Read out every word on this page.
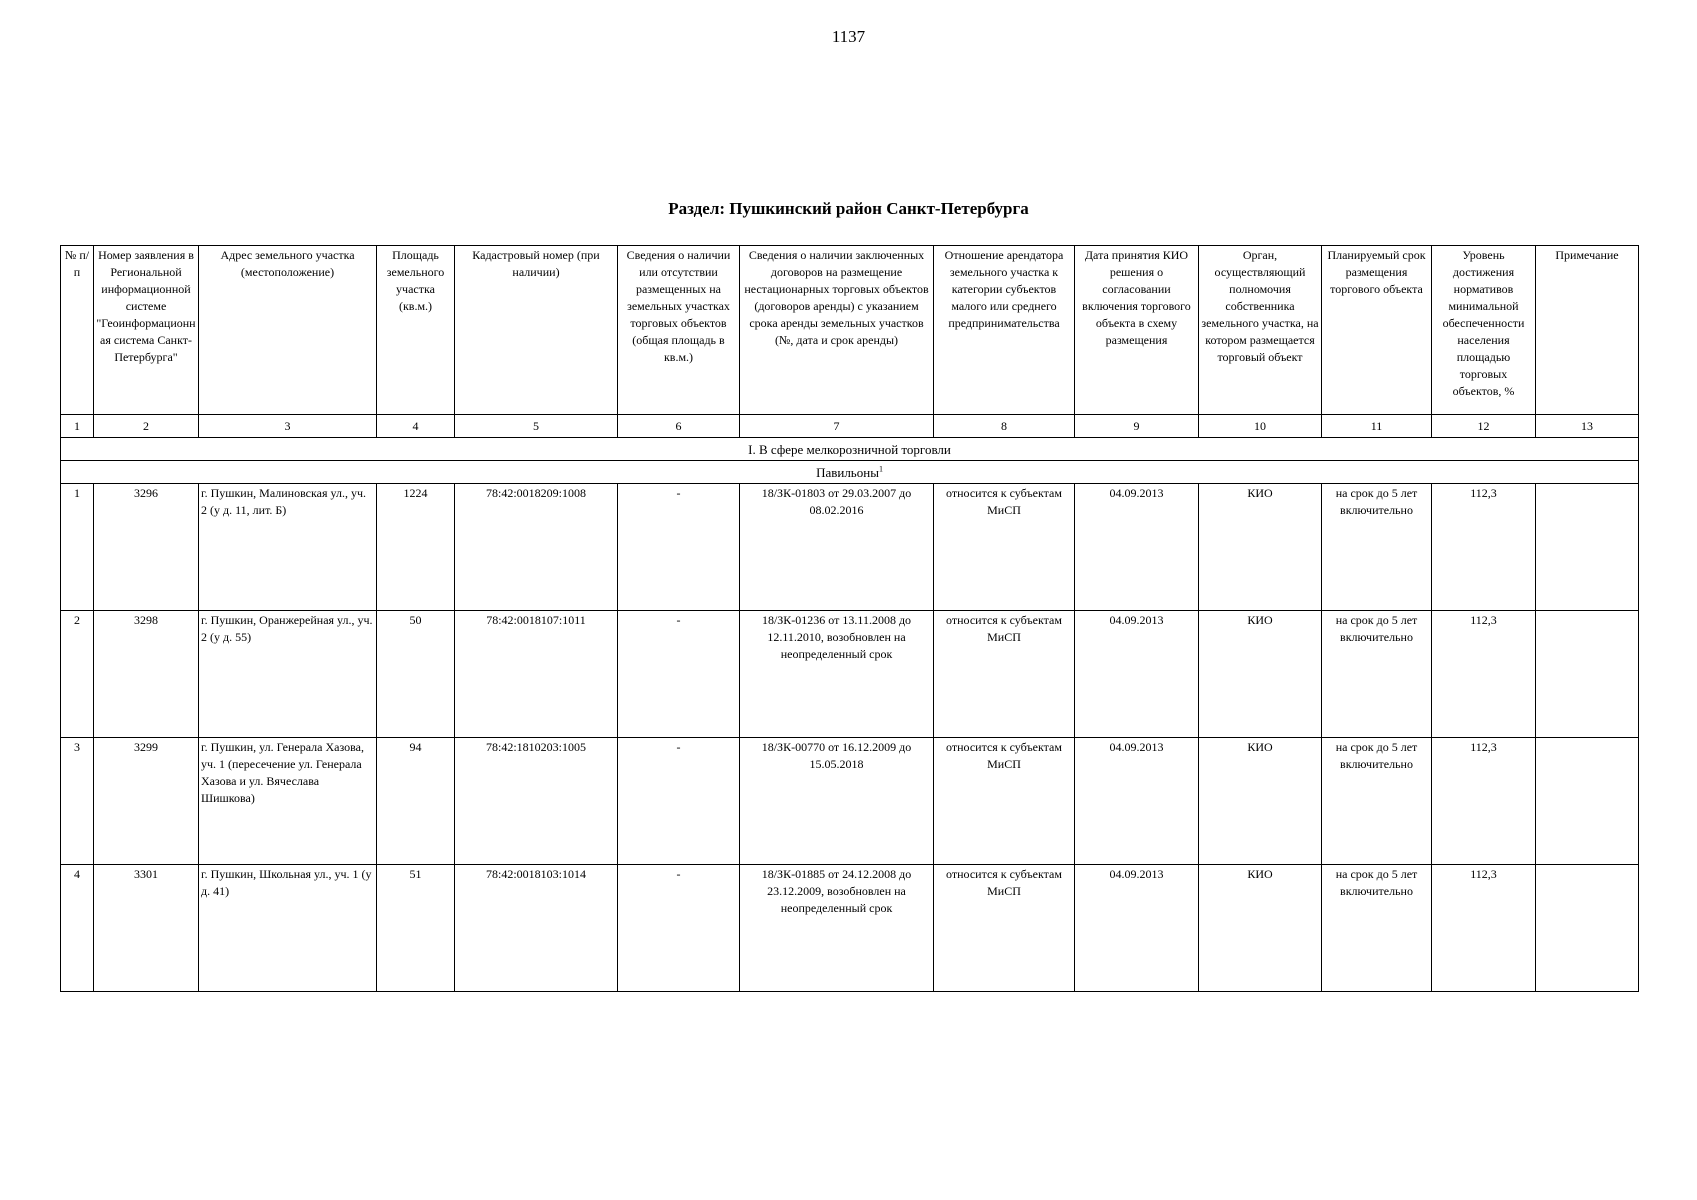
1137
Раздел: Пушкинский район Санкт-Петербурга
№ п/п	Номер заявления в Региональной информационной системе "Геоинформационная система Санкт-Петербурга"	Адрес земельного участка (местоположение)	Площадь земельного участка (кв.м.)	Кадастровый номер (при наличии)	Сведения о наличии или отсутствии размещенных на земельных участках торговых объектов (общая площадь в кв.м.)	Сведения о наличии заключенных договоров на размещение нестационарных торговых объектов (договоров аренды) с указанием срока аренды земельных участков (№, дата и срок аренды)	Отношение арендатора земельного участка к категории субъектов малого или среднего предпринимательства	Дата принятия КИО решения о согласовании включения торгового объекта в схему размещения	Орган, осуществляющий полномочия собственника земельного участка, на котором размещается торговый объект	Планируемый срок размещения торгового объекта	Уровень достижения нормативов минимальной обеспеченности населения площадью торговых объектов, %	Примечание
1	2	3	4	5	6	7	8	9	10	11	12	13
I. В сфере мелкорозничной торговли												
Павильоны$^1$
1	3296	г. Пушкин, Малиновская ул., уч. 2 (у д. 11, лит. Б)	1224	78:42:0018209:1008	-	18/ЗК-01803 от 29.03.2007 до 08.02.2016	относится к субъектам МиСП	04.09.2013	КИО	на срок до 5 лет включительно	112,3	
2	3298	г. Пушкин, Оранжерейная ул., уч. 2 (у д. 55)	50	78:42:0018107:1011	-	18/ЗК-01236 от 13.11.2008 до 12.11.2010, возобновлен на неопределенный срок	относится к субъектам МиСП	04.09.2013	КИО	на срок до 5 лет включительно	112,3	
3	3299	г. Пушкин, ул. Генерала Хазова, уч. 1 (пересечение ул. Генерала Хазова и ул. Вячеслава Шишкова)	94	78:42:1810203:1005	-	18/ЗК-00770 от 16.12.2009 до 15.05.2018	относится к субъектам МиСП	04.09.2013	КИО	на срок до 5 лет включительно	112,3	
4	3301	г. Пушкин, Школьная ул., уч. 1 (у д. 41)	51	78:42:0018103:1014	-	18/ЗК-01885 от 24.12.2008 до 23.12.2009, возобновлен на неопределенный срок	относится к субъектам МиСП	04.09.2013	КИО	на срок до 5 лет включительно	112,3	
